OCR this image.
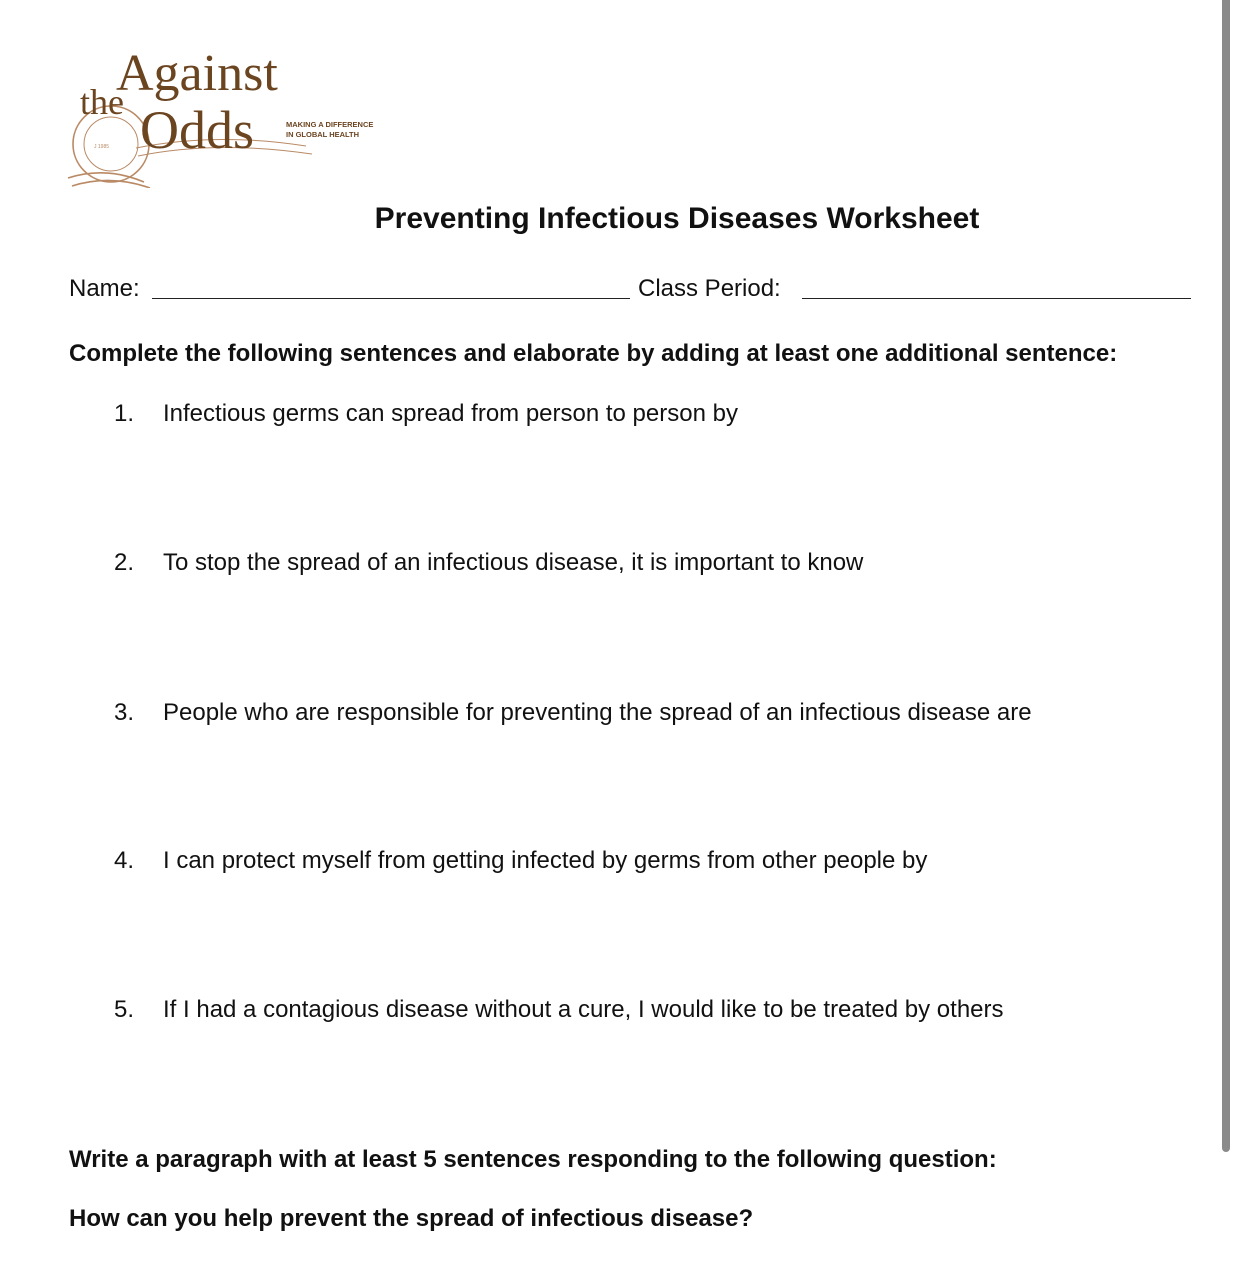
J 1985
the
Against
Odds	MAKING A DIFFERENCE
IN GLOBAL HEALTH
Preventing Infectious Diseases Worksheet
Name:	Class Period:
Complete the following sentences and elaborate by adding at least one additional sentence:
1. Infectious germs can spread from person to person by
2. To stop the spread of an infectious disease, it is important to know
3. People who are responsible for preventing the spread of an infectious disease are
4. I can protect myself from getting infected by germs from other people by
5. If I had a contagious disease without a cure, I would like to be treated by others
Write a paragraph with at least 5 sentences responding to the following question:
How can you help prevent the spread of infectious disease?
